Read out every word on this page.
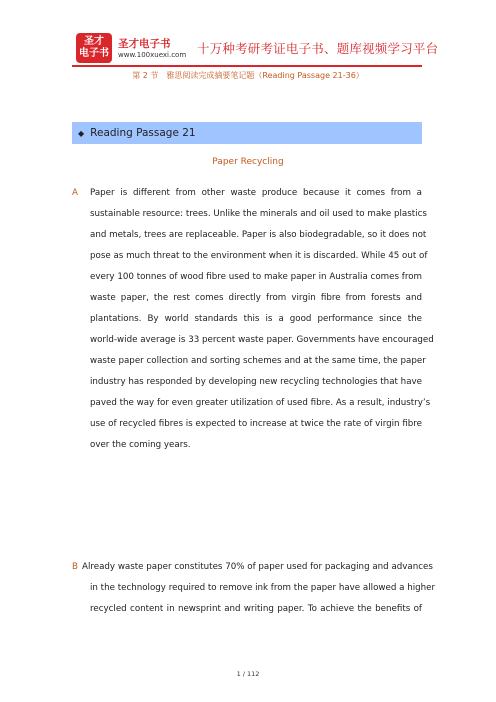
圣才
电子书
圣才电子书
www.100xuexi.com 十万种考研考证电子书、题库视频学习平台
第 2 节　雅思阅读完成摘要笔记题（Reading Passage 21-36）
◆ Reading Passage 21
Paper Recycling
A	Paper is different from other waste produce because it comes from a
sustainable resource: trees. Unlike the minerals and oil used to make plastics
and metals, trees are replaceable. Paper is also biodegradable, so it does not
pose as much threat to the environment when it is discarded. While 45 out of
every 100 tonnes of wood fibre used to make paper in Australia comes from
waste paper, the rest comes directly from virgin fibre from forests and
plantations. By world standards this is a good performance since the
world-wide average is 33 percent waste paper. Governments have encouraged
waste paper collection and sorting schemes and at the same time, the paper
industry has responded by developing new recycling technologies that have
paved the way for even greater utilization of used fibre. As a result, industry’s
use of recycled fibres is expected to increase at twice the rate of virgin fibre
over the coming years.
B Already waste paper constitutes 70% of paper used for packaging and advances
in the technology required to remove ink from the paper have allowed a higher
recycled content in newsprint and writing paper. To achieve the benefits of
1 / 112
